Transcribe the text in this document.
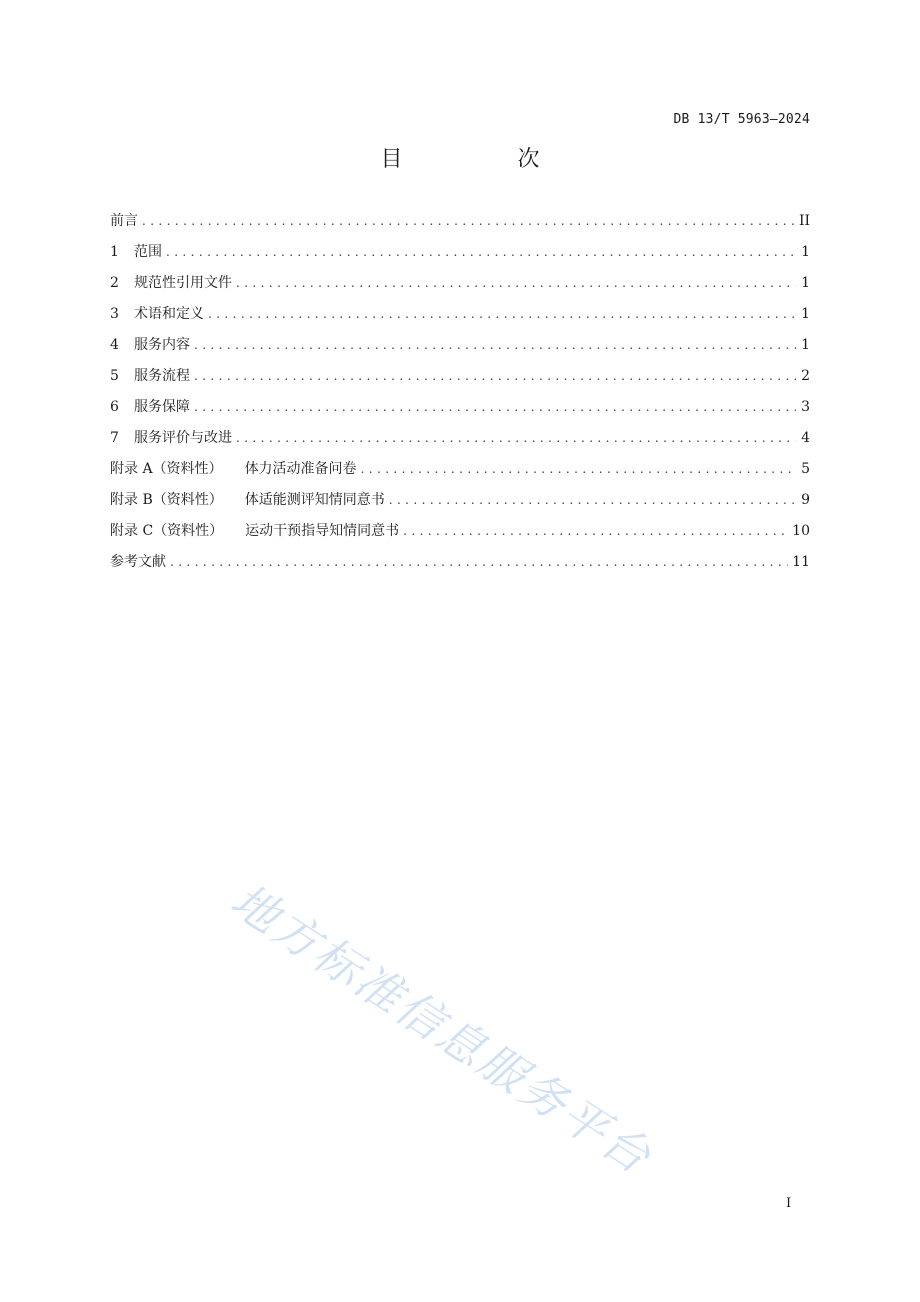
DB 13/T 5963—2024
目 次
前言 .....	II
1	范围 .....	1
2	规范性引用文件 .....	1
3	术语和定义 .....	1
4	服务内容 .....	1
5	服务流程 .....	2
6	服务保障 .....	3
7	服务评价与改进 .....	4
附录 A（资料性） 体力活动准备问卷 .....	5
附录 B（资料性） 体适能测评知情同意书 .....	9
附录 C（资料性） 运动干预指导知情同意书 .....	10
参考文献 .....	11
地方标准信息服务平台
I
